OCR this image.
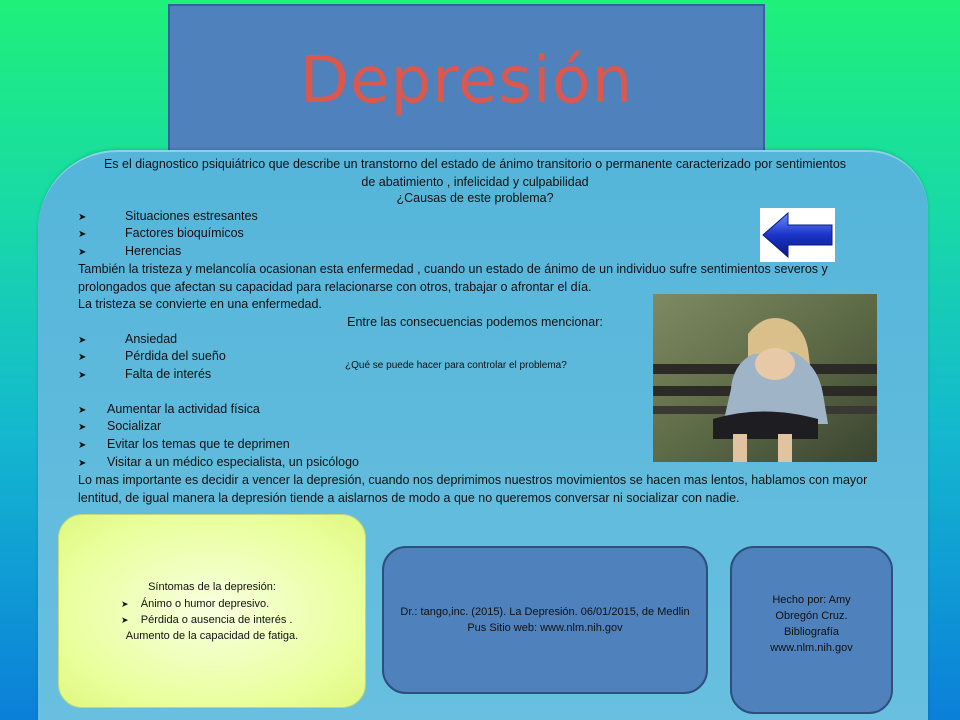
Depresión
Es el diagnostico psiquiátrico que describe un transtorno del estado de ánimo transitorio o permanente caracterizado por sentimientos de abatimiento , infelicidad y culpabilidad
¿Causas de este problema?
➤	Situaciones estresantes
➤	Factores bioquímicos
➤	Herencias
También la tristeza y melancolía ocasionan esta enfermedad , cuando un estado de ánimo de un individuo sufre sentimientos severos y prolongados que afectan su capacidad para relacionarse con otros, trabajar o afrontar el día.
La tristeza se convierte en una enfermedad.
Entre las consecuencias podemos mencionar:
➤	Ansiedad
➤	Pérdida del sueño
➤	Falta de interés
¿Qué se puede hacer para controlar el problema?
➤ Aumentar la actividad física
➤ Socializar
➤ Evitar los temas que te deprimen
➤ Visitar a un médico especialista, un psicólogo
Lo mas importante es decidir a vencer la depresión, cuando nos deprimimos nuestros movimientos se hacen mas lentos, hablamos con mayor lentitud, de igual manera la depresión tiende a aislarnos de modo a que no queremos conversar ni socializar con nadie.
Síntomas de la depresión:
➤ Ánimo o humor depresivo.
➤ Pérdida o ausencia de interés .
Aumento de la capacidad de fatiga.
Dr.: tango,inc. (2015). La Depresión. 06/01/2015, de Medlin Pus Sitio web: www.nlm.nih.gov
Hecho por: Amy
Obregón Cruz.
Bibliografía
www.nlm.nih.gov
